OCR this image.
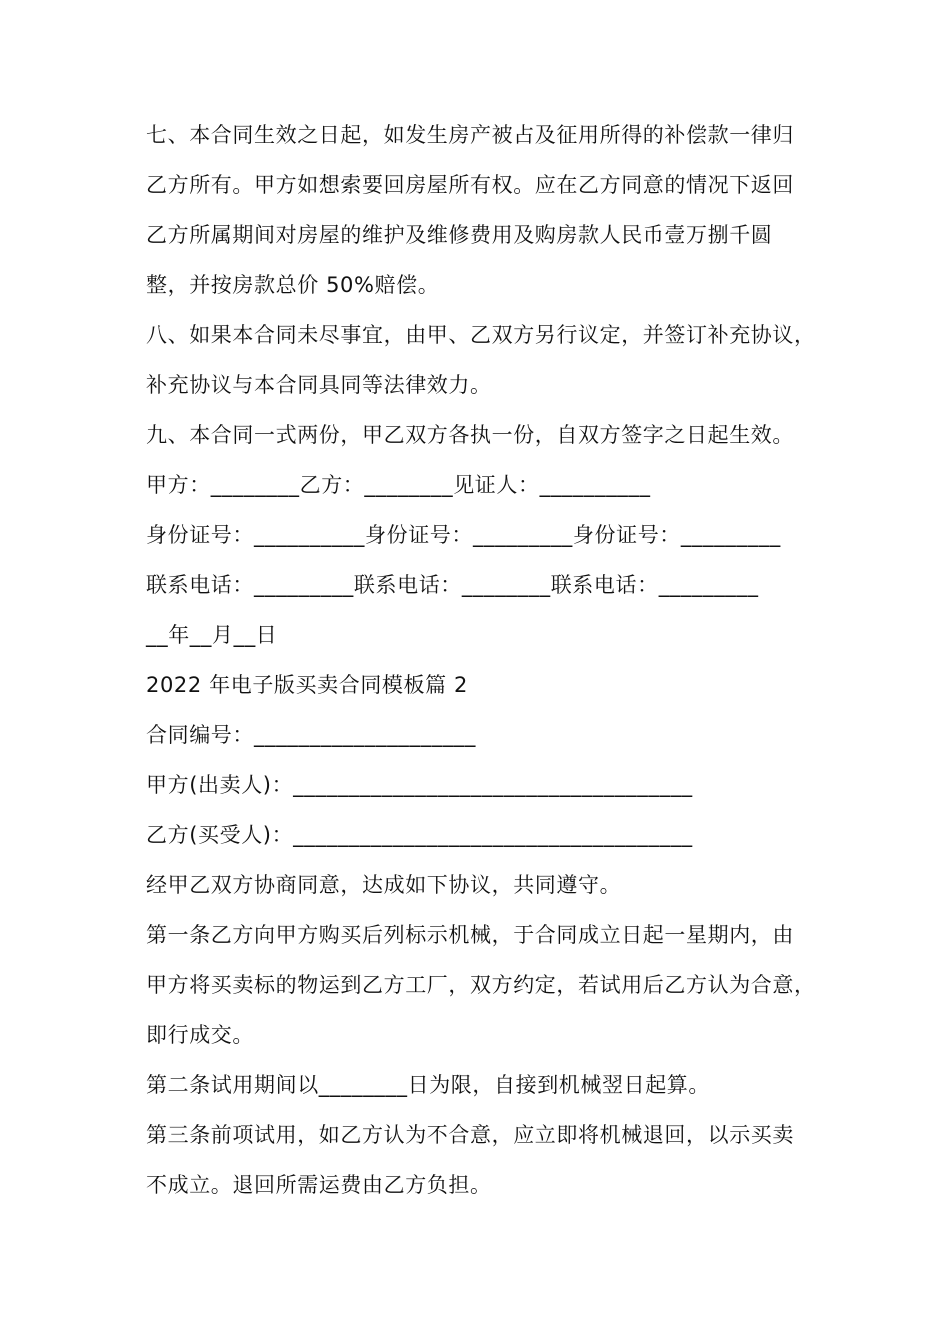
七、本合同生效之日起，如发生房产被占及征用所得的补偿款一律归
乙方所有。甲方如想索要回房屋所有权。应在乙方同意的情况下返回
乙方所属期间对房屋的维护及维修费用及购房款人民币壹万捌千圆
整，并按房款总价 50%赔偿。
八、如果本合同未尽事宜，由甲、乙双方另行议定，并签订补充协议，
补充协议与本合同具同等法律效力。
九、本合同一式两份，甲乙双方各执一份，自双方签字之日起生效。
甲方：________乙方：________见证人：__________
身份证号：__________身份证号：_________身份证号：_________
联系电话：_________联系电话：________联系电话：_________
__年__月__日
2022 年电子版买卖合同模板篇 2
合同编号：____________________
甲方(出卖人)：____________________________________
乙方(买受人)：____________________________________
经甲乙双方协商同意，达成如下协议，共同遵守。
第一条乙方向甲方购买后列标示机械，于合同成立日起一星期内，由
甲方将买卖标的物运到乙方工厂，双方约定，若试用后乙方认为合意，
即行成交。
第二条试用期间以________日为限，自接到机械翌日起算。
第三条前项试用，如乙方认为不合意，应立即将机械退回，以示买卖
不成立。退回所需运费由乙方负担。
